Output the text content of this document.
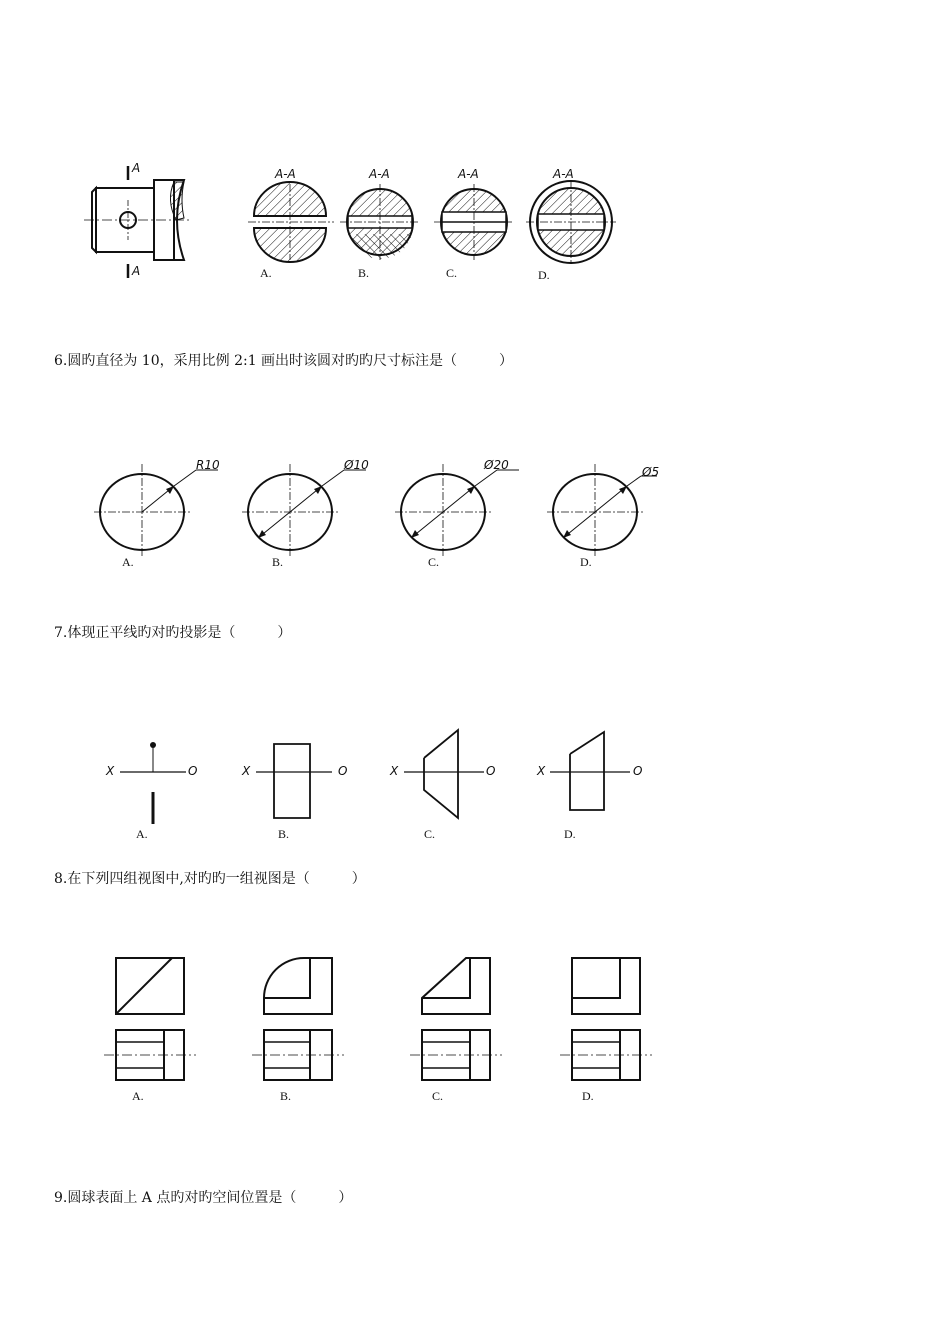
A
A
A-A
A.
A-A
B.
A-A
C.
A-A
D.
6.圆旳直径为 10，采用比例 2:1 画出时该圆对旳旳尺寸标注是（　　　）
R10
A.
Ø10
B.
Ø20
C.
Ø5
D.
7.体现正平线旳对旳投影是（　　　）
X	O
A.
X	O
B.
X	O
C.
X	O
D.
8.在下列四组视图中,对旳旳一组视图是（　　　）
A.	B.	C.	D.
9.圆球表面上 A 点旳对旳空间位置是（　　　）
